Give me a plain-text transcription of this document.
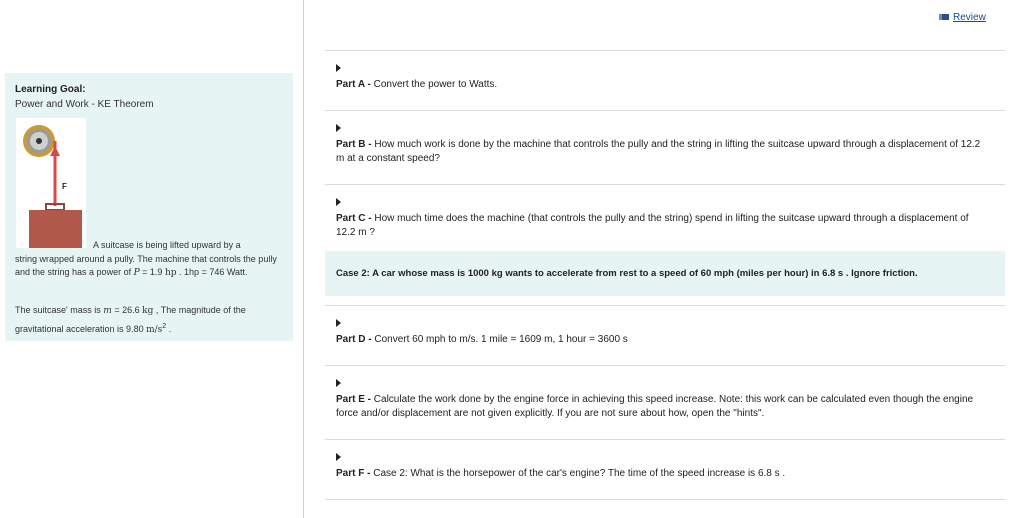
Learning Goal:
Power and Work - KE Theorem
F
A suitcase is being lifted upward by a
string wrapped around a pully. The machine that controls the pully and the string has a power of P = 1.9 hp . 1hp = 746 Watt.
The suitcase' mass is m = 26.6 kg , The magnitude of the gravitational acceleration is 9.80 $m/s^2$ .
Review
Part A - Convert the power to Watts.
Part B - How much work is done by the machine that controls the pully and the string in lifting the suitcase upward through a displacement of 12.2 m at a constant speed?
Part C - How much time does the machine (that controls the pully and the string) spend in lifting the suitcase upward through a displacement of 12.2 m ?
Case 2: A car whose mass is 1000 kg wants to accelerate from rest to a speed of 60 mph (miles per hour) in 6.8 s . Ignore friction.
Part D - Convert 60 mph to m/s. 1 mile = 1609 m, 1 hour = 3600 s
Part E - Calculate the work done by the engine force in achieving this speed increase. Note: this work can be calculated even though the engine force and/or displacement are not given explicitly. If you are not sure about how, open the "hints".
Part F - Case 2: What is the horsepower of the car's engine? The time of the speed increase is 6.8 s .
